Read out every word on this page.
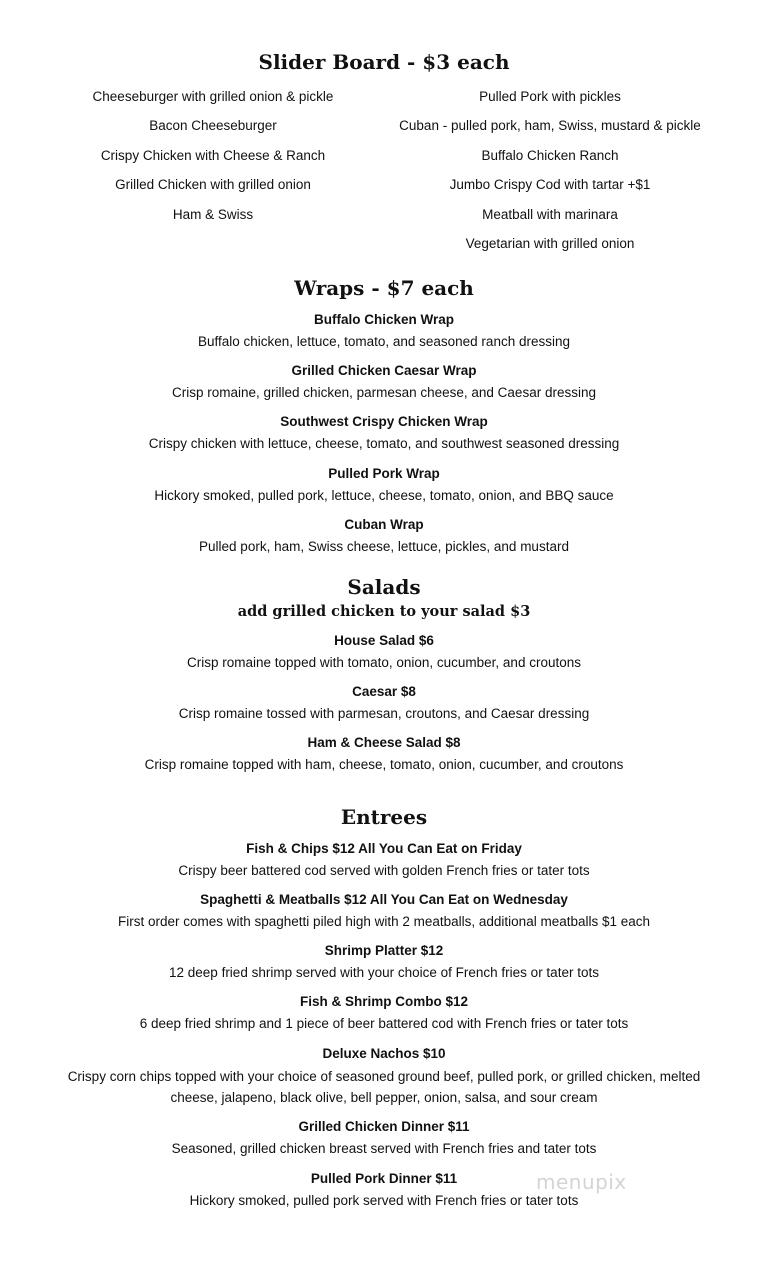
Slider Board - $3 each
Cheeseburger with grilled onion & pickle
Bacon Cheeseburger
Crispy Chicken with Cheese & Ranch
Grilled Chicken with grilled onion
Ham & Swiss
Pulled Pork with pickles
Cuban - pulled pork, ham, Swiss, mustard & pickle
Buffalo Chicken Ranch
Jumbo Crispy Cod with tartar +$1
Meatball with marinara
Vegetarian with grilled onion
Wraps - $7 each
Buffalo Chicken Wrap
Buffalo chicken, lettuce, tomato, and seasoned ranch dressing
Grilled Chicken Caesar Wrap
Crisp romaine, grilled chicken, parmesan cheese, and Caesar dressing
Southwest Crispy Chicken Wrap
Crispy chicken with lettuce, cheese, tomato, and southwest seasoned dressing
Pulled Pork Wrap
Hickory smoked, pulled pork, lettuce, cheese, tomato, onion, and BBQ sauce
Cuban Wrap
Pulled pork, ham, Swiss cheese, lettuce, pickles, and mustard
Salads
add grilled chicken to your salad $3
House Salad $6
Crisp romaine topped with tomato, onion, cucumber, and croutons
Caesar $8
Crisp romaine tossed with parmesan, croutons, and Caesar dressing
Ham & Cheese Salad $8
Crisp romaine topped with ham, cheese, tomato, onion, cucumber, and croutons
Entrees
Fish & Chips $12 All You Can Eat on Friday
Crispy beer battered cod served with golden French fries or tater tots
Spaghetti & Meatballs $12 All You Can Eat on Wednesday
First order comes with spaghetti piled high with 2 meatballs, additional meatballs $1 each
Shrimp Platter $12
12 deep fried shrimp served with your choice of French fries or tater tots
Fish & Shrimp Combo $12
6 deep fried shrimp and 1 piece of beer battered cod with French fries or tater tots
Deluxe Nachos $10
Crispy corn chips topped with your choice of seasoned ground beef, pulled pork, or grilled chicken, melted cheese, jalapeno, black olive, bell pepper, onion, salsa, and sour cream
Grilled Chicken Dinner $11
Seasoned, grilled chicken breast served with French fries and tater tots
Pulled Pork Dinner $11
Hickory smoked, pulled pork served with French fries or tater tots
menupix
